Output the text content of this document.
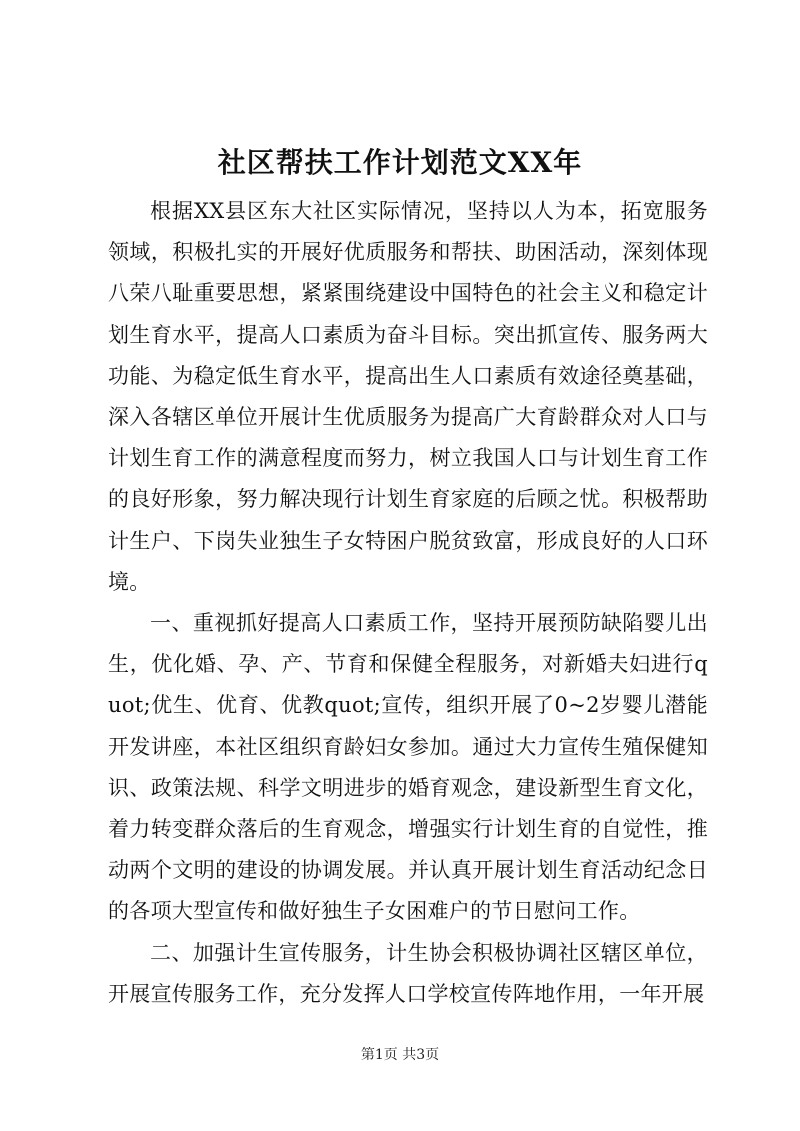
社区帮扶工作计划范文XX年

根据XX县区东大社区实际情况，坚持以人为本，拓宽服务领域，积极扎实的开展好优质服务和帮扶、助困活动，深刻体现八荣八耻重要思想，紧紧围绕建设中国特色的社会主义和稳定计划生育水平，提高人口素质为奋斗目标。突出抓宣传、服务两大功能、为稳定低生育水平，提高出生人口素质有效途径奠基础，深入各辖区单位开展计生优质服务为提高广大育龄群众对人口与计划生育工作的满意程度而努力，树立我国人口与计划生育工作的良好形象，努力解决现行计划生育家庭的后顾之忧。积极帮助计生户、下岗失业独生子女特困户脱贫致富，形成良好的人口环境。

一、重视抓好提高人口素质工作，坚持开展预防缺陷婴儿出生，优化婚、孕、产、节育和保健全程服务，对新婚夫妇进行quot;优生、优育、优教quot;宣传，组织开展了0~2岁婴儿潜能开发讲座，本社区组织育龄妇女参加。通过大力宣传生殖保健知识、政策法规、科学文明进步的婚育观念，建设新型生育文化，着力转变群众落后的生育观念，增强实行计划生育的自觉性，推动两个文明的建设的协调发展。并认真开展计划生育活动纪念日的各项大型宣传和做好独生子女困难户的节日慰问工作。

二、加强计生宣传服务，计生协会积极协调社区辖区单位，开展宣传服务工作，充分发挥人口学校宣传阵地作用，一年开展

第1页 共3页
